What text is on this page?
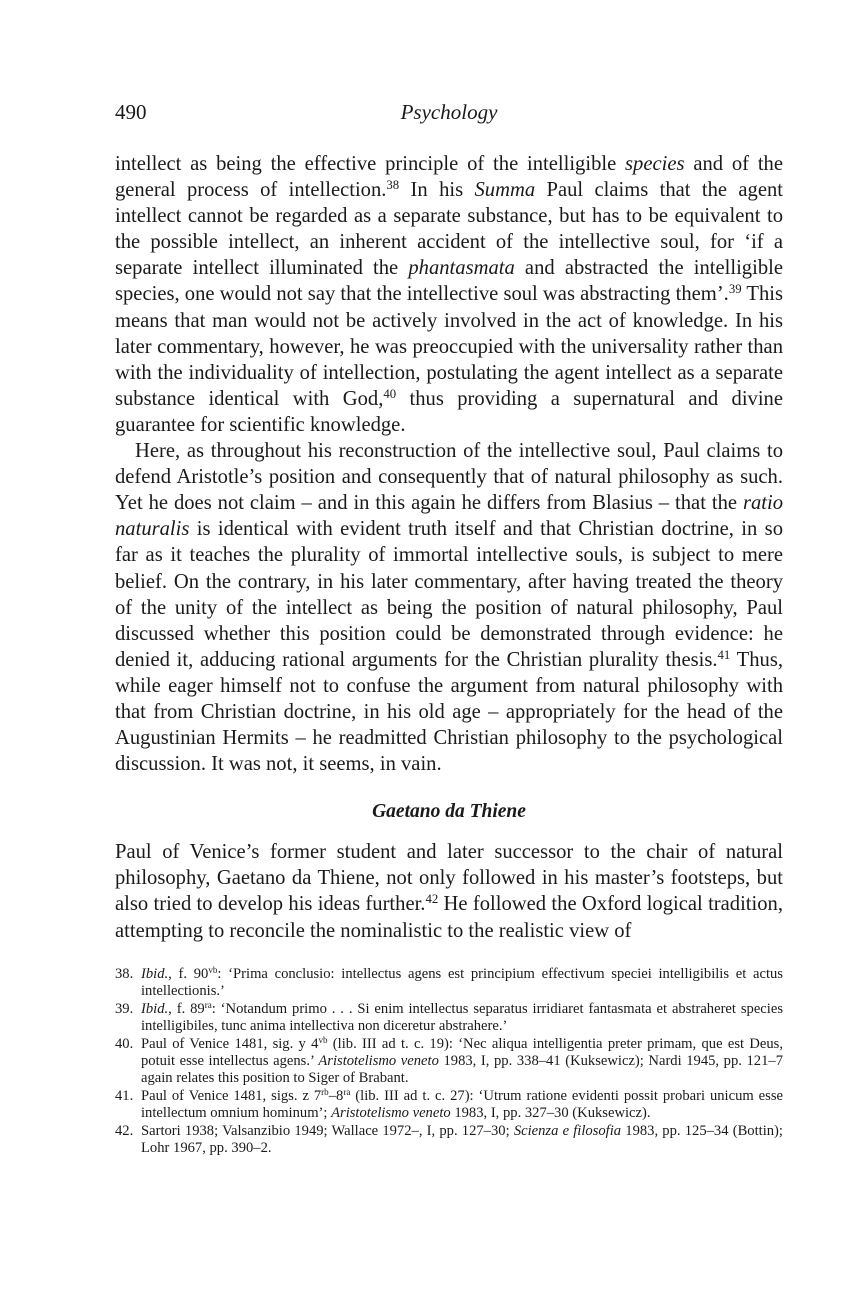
490	Psychology

intellect as being the effective principle of the intelligible species and of the general process of intellection.$^{38}$ In his Summa Paul claims that the agent intellect cannot be regarded as a separate substance, but has to be equivalent to the possible intellect, an inherent accident of the intellective soul, for ‘if a separate intellect illuminated the phantasmata and abstracted the intelligible species, one would not say that the intellective soul was abstracting them’.$^{39}$ This means that man would not be actively involved in the act of knowledge. In his later commentary, however, he was preoccupied with the universality rather than with the individuality of intellection, postulating the agent intellect as a separate substance identical with God,$^{40}$ thus providing a supernatural and divine guarantee for scientific knowledge.

Here, as throughout his reconstruction of the intellective soul, Paul claims to defend Aristotle’s position and consequently that of natural philosophy as such. Yet he does not claim – and in this again he differs from Blasius – that the ratio naturalis is identical with evident truth itself and that Christian doctrine, in so far as it teaches the plurality of immortal intellective souls, is subject to mere belief. On the contrary, in his later commentary, after having treated the theory of the unity of the intellect as being the position of natural philosophy, Paul discussed whether this position could be demonstrated through evidence: he denied it, adducing rational arguments for the Christian plurality thesis.$^{41}$ Thus, while eager himself not to confuse the argument from natural philosophy with that from Christian doctrine, in his old age – appropriately for the head of the Augustinian Hermits – he readmitted Christian philosophy to the psychological discussion. It was not, it seems, in vain.

Gaetano da Thiene

Paul of Venice’s former student and later successor to the chair of natural philosophy, Gaetano da Thiene, not only followed in his master’s footsteps, but also tried to develop his ideas further.$^{42}$ He followed the Oxford logical tradition, attempting to reconcile the nominalistic to the realistic view of

38. Ibid., f. $90^{vb}$: ‘Prima conclusio: intellectus agens est principium effectivum speciei intelligibilis et actus intellectionis.’
39. Ibid., f. $89^{ra}$: ‘Notandum primo . . . Si enim intellectus separatus irridiaret fantasmata et abstraheret species intelligibiles, tunc anima intellectiva non diceretur abstrahere.’
40. Paul of Venice 1481, sig. y $4^{vb}$ (lib. III ad t. c. 19): ‘Nec aliqua intelligentia preter primam, que est Deus, potuit esse intellectus agens.’ Aristotelismo veneto 1983, I, pp. 338–41 (Kuksewicz); Nardi 1945, pp. 121–7 again relates this position to Siger of Brabant.
41. Paul of Venice 1481, sigs. z $7^{rb}-8^{ra}$ (lib. III ad t. c. 27): ‘Utrum ratione evidenti possit probari unicum esse intellectum omnium hominum’; Aristotelismo veneto 1983, I, pp. 327–30 (Kuksewicz).
42. Sartori 1938; Valsanzibio 1949; Wallace 1972–, I, pp. 127–30; Scienza e filosofia 1983, pp. 125–34 (Bottin); Lohr 1967, pp. 390–2.
